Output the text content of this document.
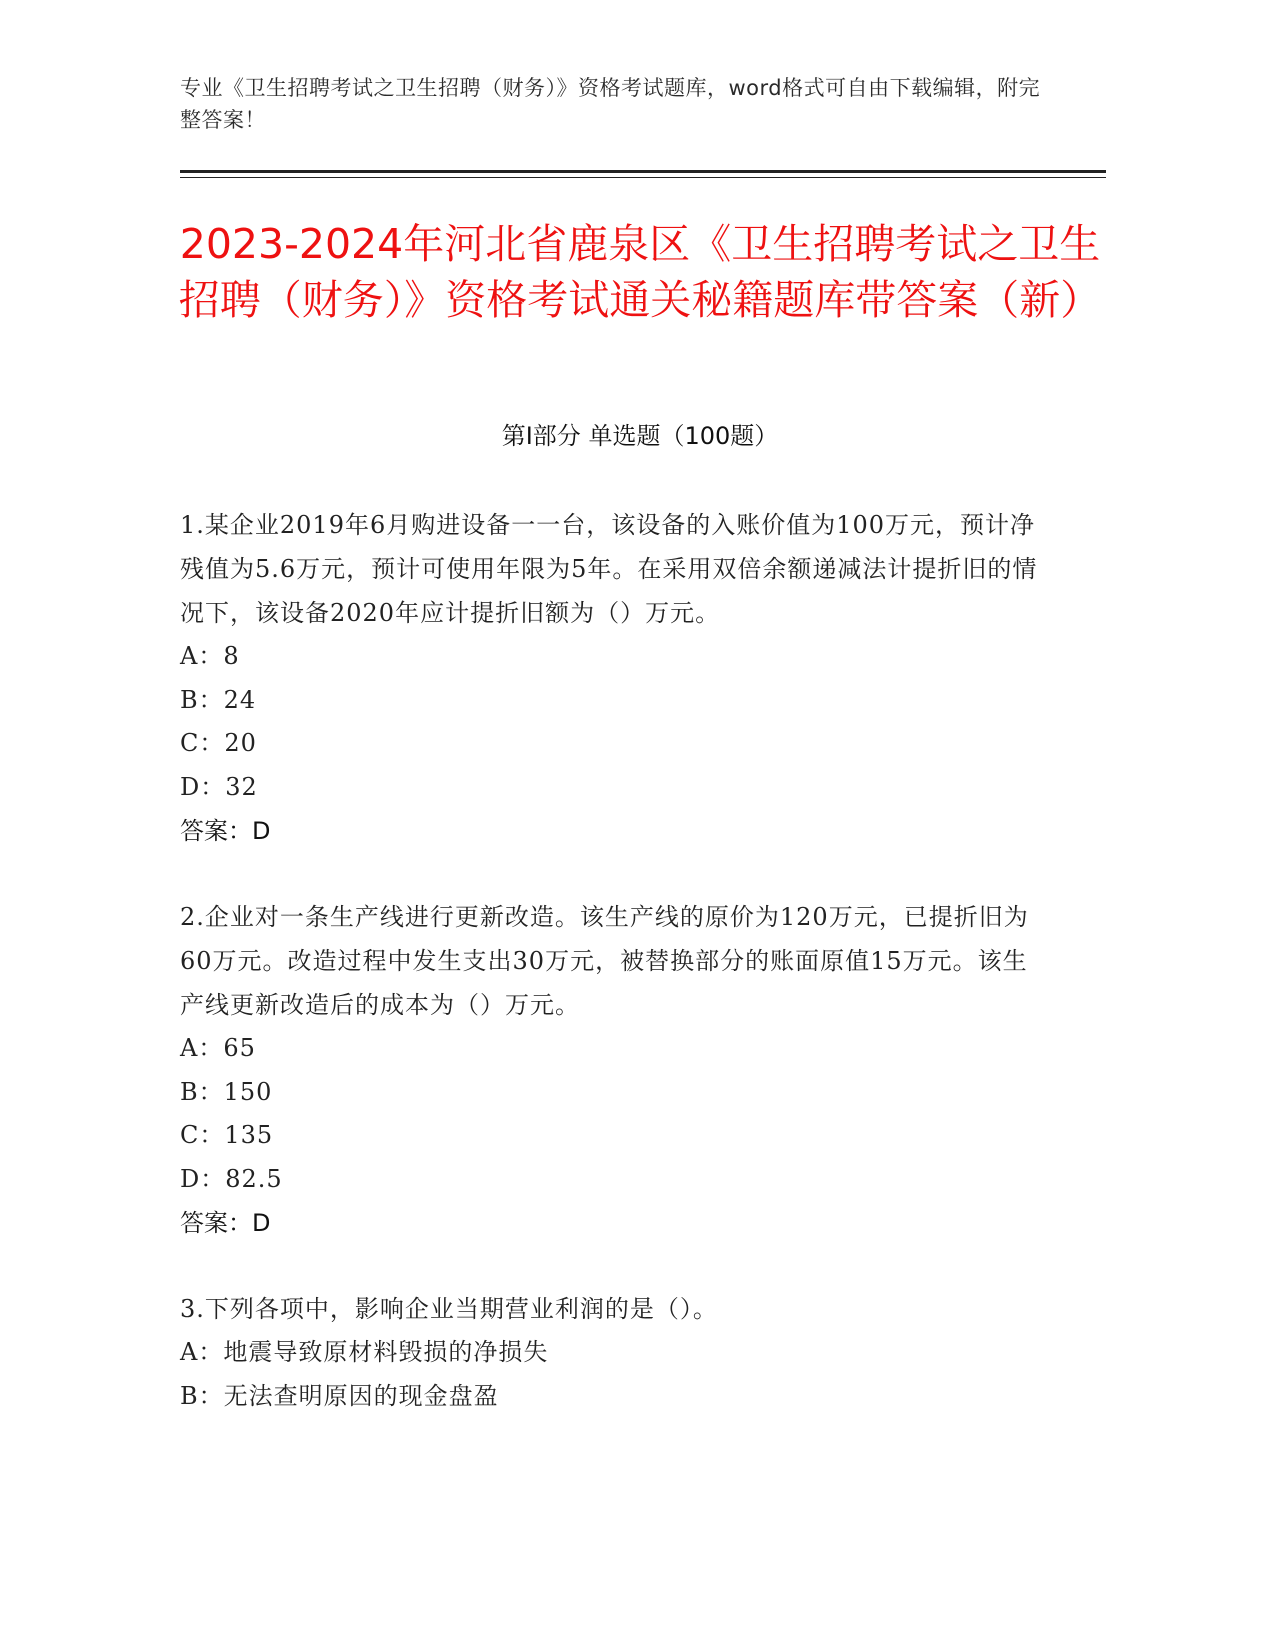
专业《卫生招聘考试之卫生招聘（财务）》资格考试题库，word格式可自由下载编辑，附完整答案！
2023-2024年河北省鹿泉区《卫生招聘考试之卫生招聘（财务）》资格考试通关秘籍题库带答案（新）
第Ⅰ部分 单选题（100题）
1.某企业2019年6月购进设备一一台，该设备的入账价值为100万元，预计净残值为5.6万元，预计可使用年限为5年。在采用双倍余额递减法计提折旧的情况下，该设备2020年应计提折旧额为（）万元。
A：8
B：24
C：20
D：32
答案：D
2.企业对一条生产线进行更新改造。该生产线的原价为120万元，已提折旧为60万元。改造过程中发生支出30万元，被替换部分的账面原值15万元。该生产线更新改造后的成本为（）万元。
A：65
B：150
C：135
D：82.5
答案：D
3.下列各项中，影响企业当期营业利润的是（）。
A：地震导致原材料毁损的净损失
B：无法查明原因的现金盘盈
